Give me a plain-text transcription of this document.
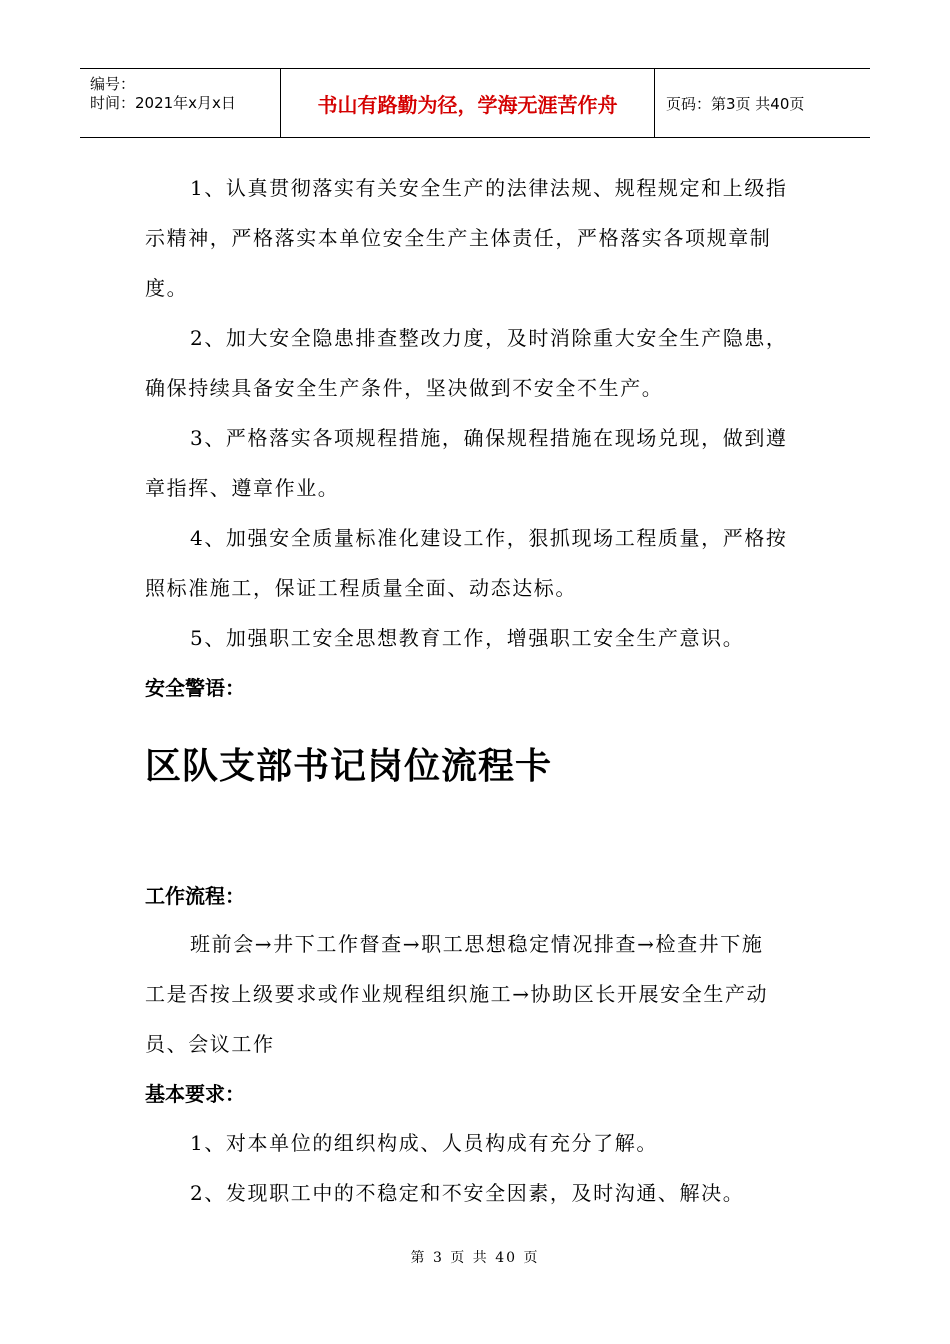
编号：
时间：2021年x月x日	书山有路勤为径，学海无涯苦作舟	页码：第3页 共40页
1、认真贯彻落实有关安全生产的法律法规、规程规定和上级指
示精神，严格落实本单位安全生产主体责任，严格落实各项规章制
度。
2、加大安全隐患排查整改力度，及时消除重大安全生产隐患，
确保持续具备安全生产条件，坚决做到不安全不生产。
3、严格落实各项规程措施，确保规程措施在现场兑现，做到遵
章指挥、遵章作业。
4、加强安全质量标准化建设工作，狠抓现场工程质量，严格按
照标准施工，保证工程质量全面、动态达标。
5、加强职工安全思想教育工作，增强职工安全生产意识。
安全警语：
区队支部书记岗位流程卡
工作流程：
班前会→井下工作督查→职工思想稳定情况排查→检查井下施
工是否按上级要求或作业规程组织施工→协助区长开展安全生产动
员、会议工作
基本要求：
1、对本单位的组织构成、人员构成有充分了解。
2、发现职工中的不稳定和不安全因素，及时沟通、解决。
第 3 页 共 40 页
